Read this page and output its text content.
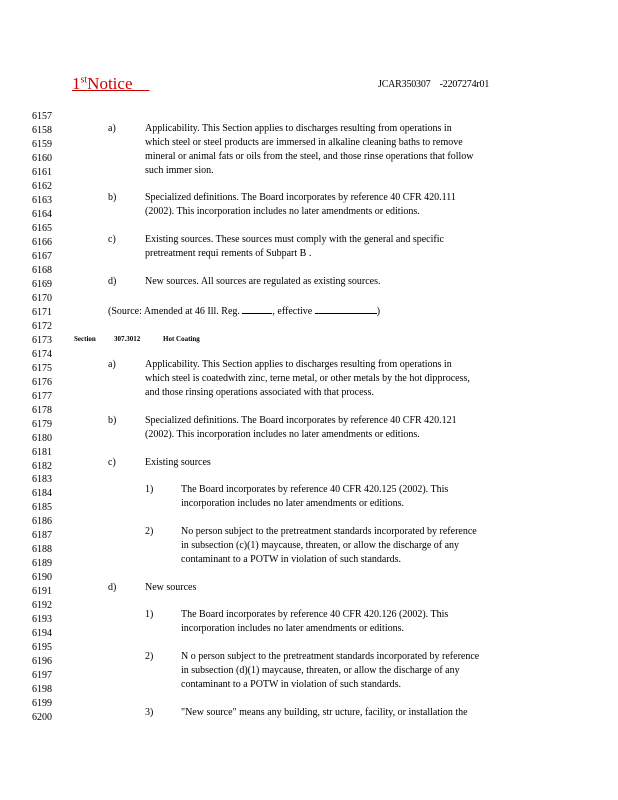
1stNotice	JCAR350307    -2207274r01
6157
6158
6159
6160
6161
6162
6163
6164
6165
6166
6167
6168
6169
6170
6171
6172
6173
6174
6175
6176
6177
6178
6179
6180
6181
6182
6183
6184
6185
6186
6187
6188
6189
6190
6191
6192
6193
6194
6195
6196
6197
6198
6199
6200
a)	Applicability. This Section applies to discharges resulting from operations in
which steel or steel products are immersed in alkaline cleaning baths to remove
mineral or animal fats or oils from the steel, and those rinse operations that follow
such immer sion.
b)	Specialized definitions. The Board incorporates by reference 40 CFR 420.111
(2002). This incorporation includes no later amendments or editions.
c)	Existing sources. These sources must comply with the general and specific
pretreatment requi rements of Subpart B .
d)	New sources. All sources are regulated as existing sources.
(Source: Amended at 46 Ill. Reg.	, effective	)
Section	307.3012	Hot Coating
a)	Applicability. This Section applies to discharges resulting from operations in
which steel is coatedwith zinc, terne metal, or other metals by the hot dipprocess,
and those rinsing operations associated with that process.
b)	Specialized definitions. The Board incorporates by reference 40 CFR 420.121
(2002). This incorporation includes no later amendments or editions.
c)	Existing sources
1)	The Board incorporates by reference 40 CFR 420.125 (2002). This
incorporation includes no later amendments or editions.
2)	No person subject to the pretreatment standards incorporated by reference
in subsection (c)(1) maycause, threaten, or allow the discharge of any
contaminant to a POTW in violation of such standards.
d)	New sources
1)	The Board incorporates by reference 40 CFR 420.126 (2002). This
incorporation includes no later amendments or editions.
2)	N o person subject to the pretreatment standards incorporated by reference
in subsection (d)(1) maycause, threaten, or allow the discharge of any
contaminant to a POTW in violation of such standards.
3)	"New source" means any building, str ucture, facility, or installation the
